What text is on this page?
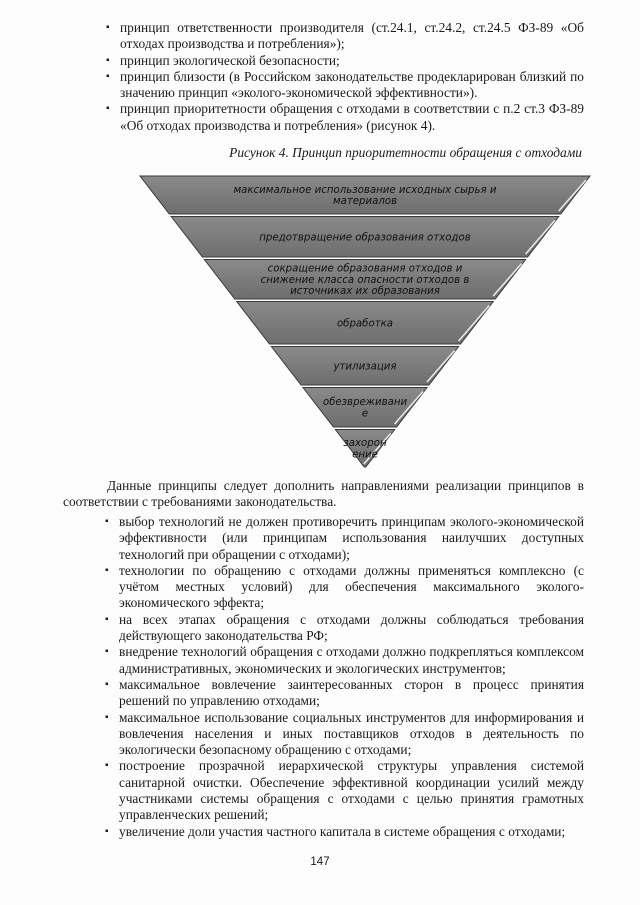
▪ принцип ответственности производителя (ст.24.1, ст.24.2, ст.24.5 ФЗ-89 «Об отходах производства и потребления»);
▪ принцип экологической безопасности;
▪ принцип близости (в Российском законодательстве продекларирован близкий по значению принцип «эколого-экономической эффективности»).
▪ принцип приоритетности обращения с отходами в соответствии с п.2 ст.3 ФЗ-89 «Об отходах производства и потребления» (рисунок 4).
Рисунок 4. Принцип приоритетности обращения с отходами
максимальное использование исходных сырья и
материалов
предотвращение образования отходов
сокращение образования отходов и
снижение класса опасности отходов в
источниках их образования
обработка
утилизация
обезвреживани
е
захорон
ение
Данные принципы следует дополнить направлениями реализации принципов в соответствии с требованиями законодательства.
▪ выбор технологий не должен противоречить принципам эколого-экономической эффективности (или принципам использования наилучших доступных технологий при обращении с отходами);
▪ технологии по обращению с отходами должны применяться комплексно (с учётом местных условий) для обеспечения максимального эколого-экономического эффекта;
▪ на всех этапах обращения с отходами должны соблюдаться требования действующего законодательства РФ;
▪ внедрение технологий обращения с отходами должно подкрепляться комплексом административных, экономических и экологических инструментов;
▪ максимальное вовлечение заинтересованных сторон в процесс принятия решений по управлению отходами;
▪ максимальное использование социальных инструментов для информирования и вовлечения населения и иных поставщиков отходов в деятельность по экологически безопасному обращению с отходами;
▪ построение прозрачной иерархической структуры управления системой санитарной очистки. Обеспечение эффективной координации усилий между участниками системы обращения с отходами с целью принятия грамотных управленческих решений;
▪ увеличение доли участия частного капитала в системе обращения с отходами;
147
